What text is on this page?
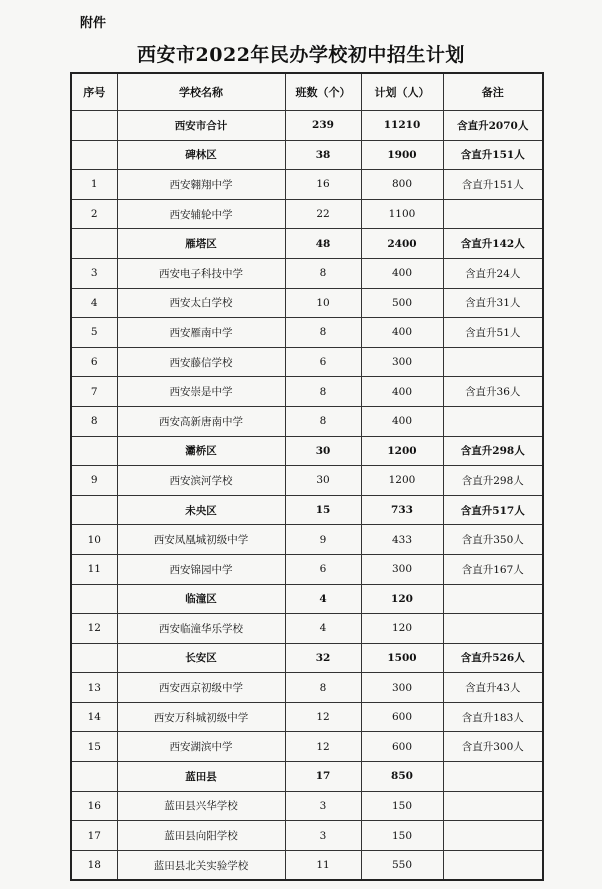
附件
西安市2022年民办学校初中招生计划
序号	学校名称	班数（个）	计划（人）	备注
	西安市合计	239	11210	含直升2070人
	碑林区	38	1900	含直升151人
1	西安翱翔中学	16	800	含直升151人
2	西安辅轮中学	22	1100	
	雁塔区	48	2400	含直升142人
3	西安电子科技中学	8	400	含直升24人
4	西安太白学校	10	500	含直升31人
5	西安雁南中学	8	400	含直升51人
6	西安藤信学校	6	300	
7	西安崇是中学	8	400	含直升36人
8	西安高新唐南中学	8	400	
	灞桥区	30	1200	含直升298人
9	西安滨河学校	30	1200	含直升298人
	未央区	15	733	含直升517人
10	西安凤凰城初级中学	9	433	含直升350人
11	西安锦园中学	6	300	含直升167人
	临潼区	4	120	
12	西安临潼华乐学校	4	120	
	长安区	32	1500	含直升526人
13	西安西京初级中学	8	300	含直升43人
14	西安万科城初级中学	12	600	含直升183人
15	西安湖滨中学	12	600	含直升300人
	蓝田县	17	850	
16	蓝田县兴华学校	3	150	
17	蓝田县向阳学校	3	150	
18	蓝田县北关实验学校	11	550	
